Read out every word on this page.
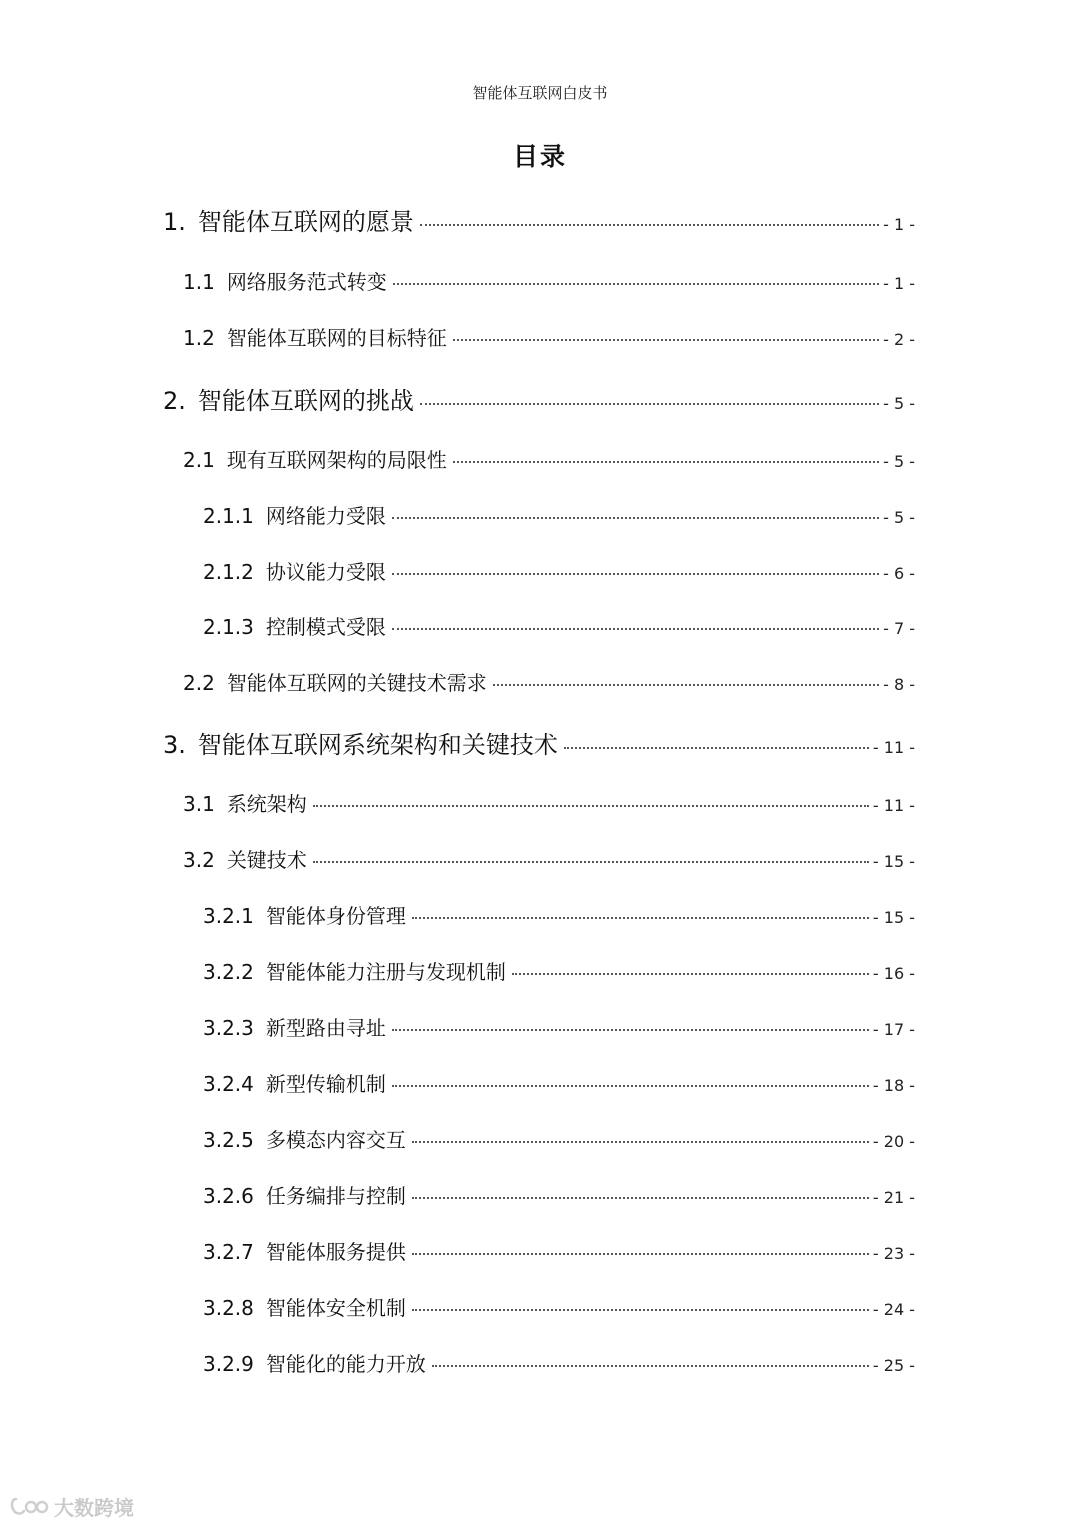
智能体互联网白皮书
目录
1. 智能体互联网的愿景	- 1 -
1.1 网络服务范式转变	- 1 -
1.2 智能体互联网的目标特征	- 2 -
2. 智能体互联网的挑战	- 5 -
2.1 现有互联网架构的局限性	- 5 -
2.1.1 网络能力受限	- 5 -
2.1.2 协议能力受限	- 6 -
2.1.3 控制模式受限	- 7 -
2.2 智能体互联网的关键技术需求	- 8 -
3. 智能体互联网系统架构和关键技术	- 11 -
3.1 系统架构	- 11 -
3.2 关键技术	- 15 -
3.2.1 智能体身份管理	- 15 -
3.2.2 智能体能力注册与发现机制	- 16 -
3.2.3 新型路由寻址	- 17 -
3.2.4 新型传输机制	- 18 -
3.2.5 多模态内容交互	- 20 -
3.2.6 任务编排与控制	- 21 -
3.2.7 智能体服务提供	- 23 -
3.2.8 智能体安全机制	- 24 -
3.2.9 智能化的能力开放	- 25 -
大数跨境
